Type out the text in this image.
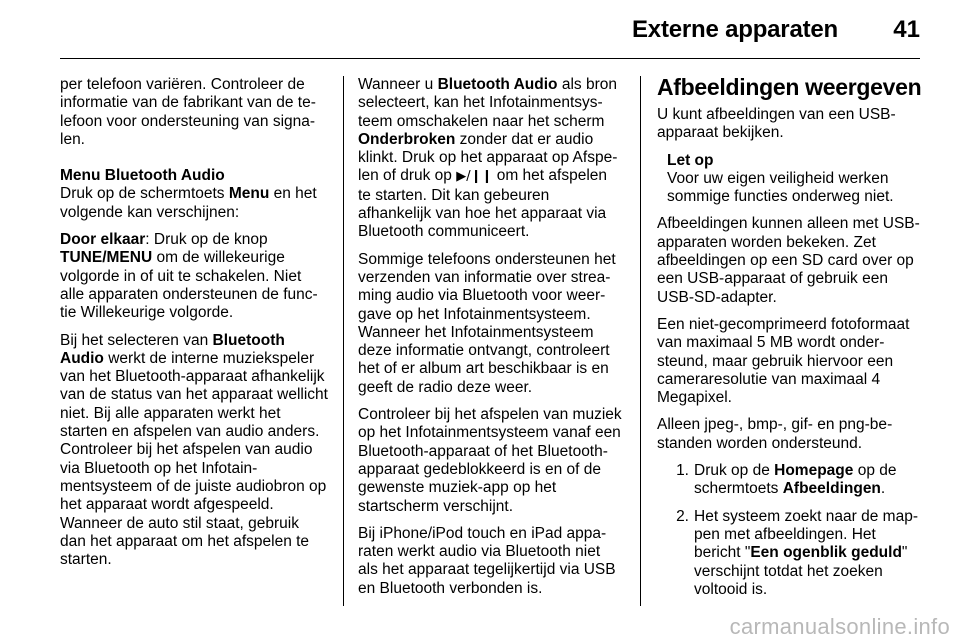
Externe apparaten 41

per telefoon variëren. Controleer de informatie van de fabrikant van de telefoon voor ondersteuning van signalen.

Menu Bluetooth Audio

Druk op de schermtoets Menu en het volgende kan verschijnen:

Door elkaar: Druk op de knop TUNE/MENU om de willekeurige volgorde in of uit te schakelen. Niet alle apparaten ondersteunen de functie Willekeurige volgorde.

Bij het selecteren van Bluetooth Audio werkt de interne muziekspeler van het Bluetooth-apparaat afhankelijk van de status van het apparaat wellicht niet. Bij alle apparaten werkt het starten en afspelen van audio anders. Controleer bij het afspelen van audio via Bluetooth op het Infotainmentsysteem of de juiste audiobron op het apparaat wordt afgespeeld. Wanneer de auto stil staat, gebruik dan het apparaat om het afspelen te starten.

Wanneer u Bluetooth Audio als bron selecteert, kan het Infotainmentsysteem omschakelen naar het scherm Onderbroken zonder dat er audio klinkt. Druk op het apparaat op Afspelen of druk op ▶/❙❙ om het afspelen te starten. Dit kan gebeuren afhankelijk van hoe het apparaat via Bluetooth communiceert.

Sommige telefoons ondersteunen het verzenden van informatie over streaming audio via Bluetooth voor weergave op het Infotainmentsysteem. Wanneer het Infotainmentsysteem deze informatie ontvangt, controleert het of er album art beschikbaar is en geeft de radio deze weer.

Controleer bij het afspelen van muziek op het Infotainmentsysteem vanaf een Bluetooth-apparaat of het Bluetooth-apparaat gedeblokkeerd is en of de gewenste muziek-app op het startscherm verschijnt.

Bij iPhone/iPod touch en iPad apparaten werkt audio via Bluetooth niet als het apparaat tegelijkertijd via USB en Bluetooth verbonden is.

Afbeeldingen weergeven

U kunt afbeeldingen van een USB-apparaat bekijken.

Let op
Voor uw eigen veiligheid werken sommige functies onderweg niet.

Afbeeldingen kunnen alleen met USB-apparaten worden bekeken. Zet afbeeldingen op een SD card over op een USB-apparaat of gebruik een USB-SD-adapter.

Een niet-gecomprimeerd fotoformaat van maximaal 5 MB wordt ondersteund, maar gebruik hiervoor een cameraresolutie van maximaal 4 Megapixel.

Alleen jpeg-, bmp-, gif- en png-bestanden worden ondersteund.

1. Druk op de Homepage op de schermtoets Afbeeldingen.
2. Het systeem zoekt naar de mappen met afbeeldingen. Het bericht "Een ogenblik geduld" verschijnt totdat het zoeken voltooid is.
carmanualsonline.info
